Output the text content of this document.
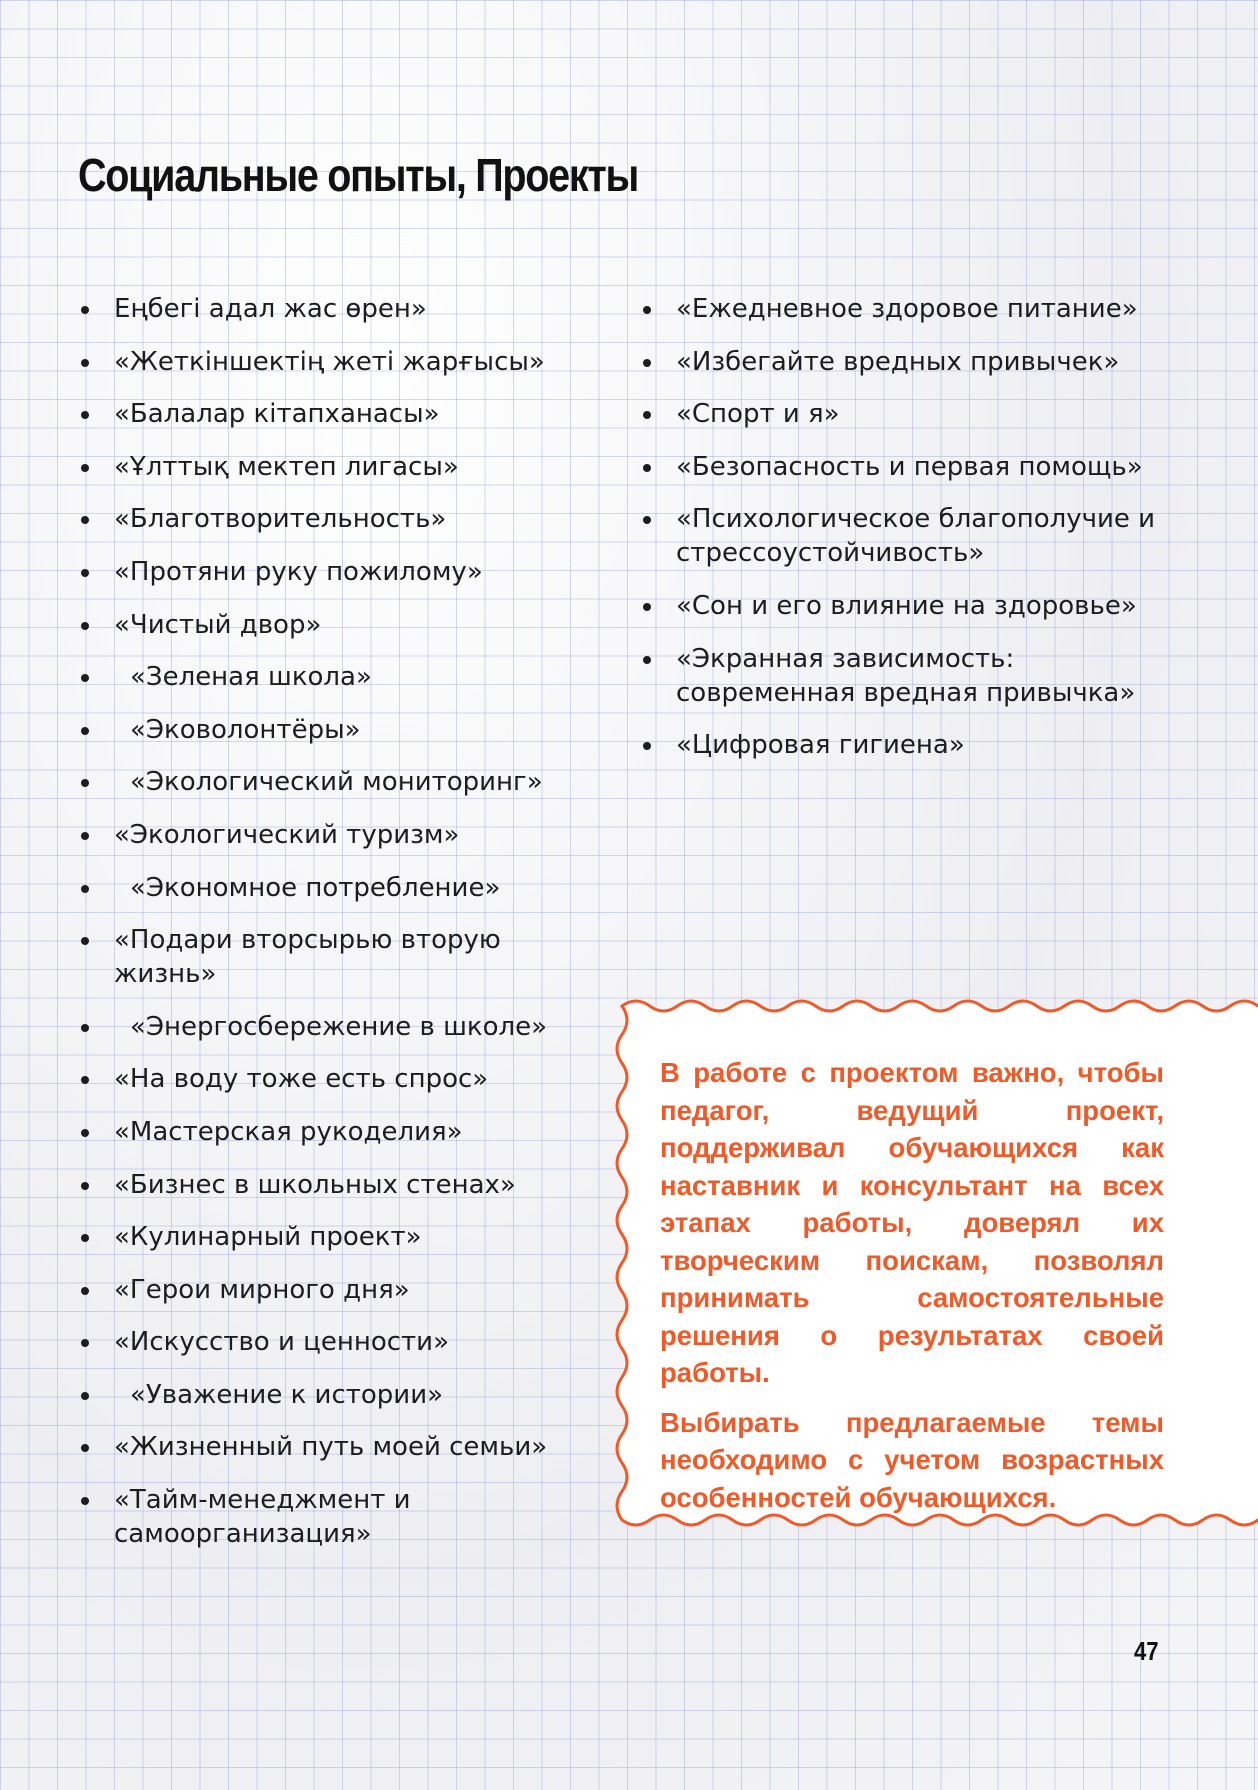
Социальные опыты, Проекты
Еңбегі адал жас өрен»
«Жеткіншектің жеті жарғысы»
«Балалар кітапханасы»
«Ұлттық мектеп лигасы»
«Благотворительность»
«Протяни руку пожилому»
«Чистый двор»
«Зеленая школа»
«Эковолонтёры»
«Экологический мониторинг»
«Экологический туризм»
«Экономное потребление»
«Подари вторсырью вторую жизнь»
«Энергосбережение в школе»
«На воду тоже есть спрос»
«Мастерская рукоделия»
«Бизнес в школьных стенах»
«Кулинарный проект»
«Герои мирного дня»
«Искусство и ценности»
«Уважение к истории»
«Жизненный путь моей семьи»
«Тайм-менеджмент и самоорганизация»
«Ежедневное здоровое питание»
«Избегайте вредных привычек»
«Спорт и я»
«Безопасность и первая помощь»
«Психологическое благополучие и стрессоустойчивость»
«Сон и его влияние на здоровье»
«Экранная зависимость: современная вредная привычка»
«Цифровая гигиена»

В работе с проектом важно, чтобы педагог, ведущий проект, поддерживал обучающихся как наставник и консультант на всех этапах работы, доверял их творческим поискам, позволял принимать самостоятельные решения о результатах своей работы.

Выбирать предлагаемые темы необходимо с учетом возрастных особенностей обучающихся.

47
